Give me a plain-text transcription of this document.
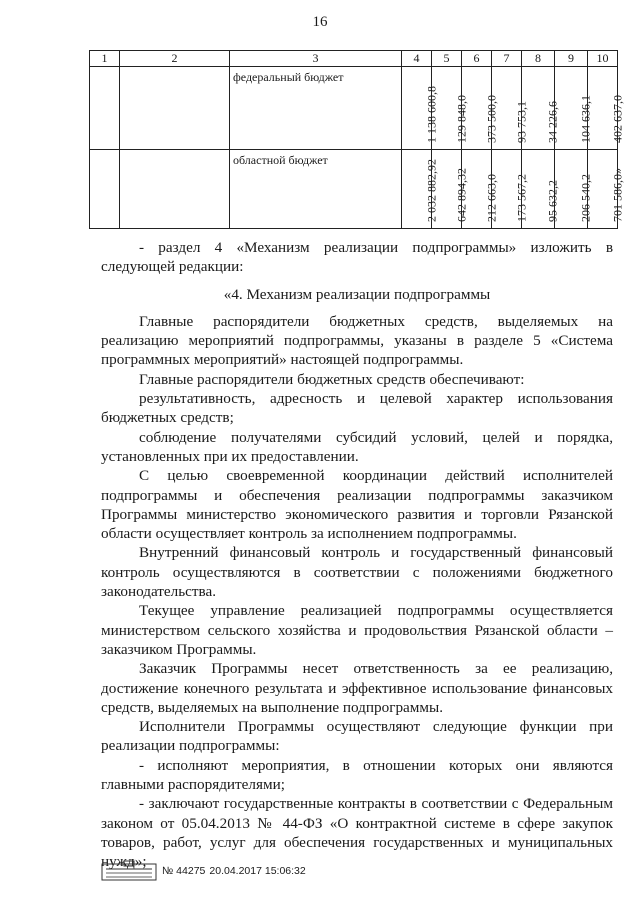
16
1	2	3	4	5	6	7	8	9	10

		федеральный бюджет	1 138 600,8	129 848,0	373 500,0	93 753,1	34 226,6	104 636,1	402 637,0

		областной бюджет	2 032 882,92	642 894,32	212 663,0	173 567,2	95 632,2	206 540,2	701 586,0»

- раздел 4 «Механизм реализации подпрограммы» изложить в следующей редакции:

«4. Механизм реализации подпрограммы

Главные распорядители бюджетных средств, выделяемых на реализацию мероприятий подпрограммы, указаны в разделе 5 «Система программных мероприятий» настоящей подпрограммы.

Главные распорядители бюджетных средств обеспечивают:

результативность, адресность и целевой характер использования бюджетных средств;

соблюдение получателями субсидий условий, целей и порядка, установленных при их предоставлении.

С целью своевременной координации действий исполнителей подпрограммы и обеспечения реализации подпрограммы заказчиком Программы министерство экономического развития и торговли Рязанской области осуществляет контроль за исполнением подпрограммы.

Внутренний финансовый контроль и государственный финансовый контроль осуществляются в соответствии с положениями бюджетного законодательства.

Текущее управление реализацией подпрограммы осуществляется министерством сельского хозяйства и продовольствия Рязанской области – заказчиком Программы.

Заказчик Программы несет ответственность за ее реализацию, достижение конечного результата и эффективное использование финансовых средств, выделяемых на выполнение подпрограммы.

Исполнители Программы осуществляют следующие функции при реализации подпрограммы:

- исполняют мероприятия, в отношении которых они являются главными распорядителями;

- заключают государственные контракты в соответствии с Федеральным законом от 05.04.2013 № 44-ФЗ «О контрактной системе в сфере закупок товаров, работ, услуг для обеспечения государственных и муниципальных нужд»;

№ 44275 20.04.2017 15:06:32
